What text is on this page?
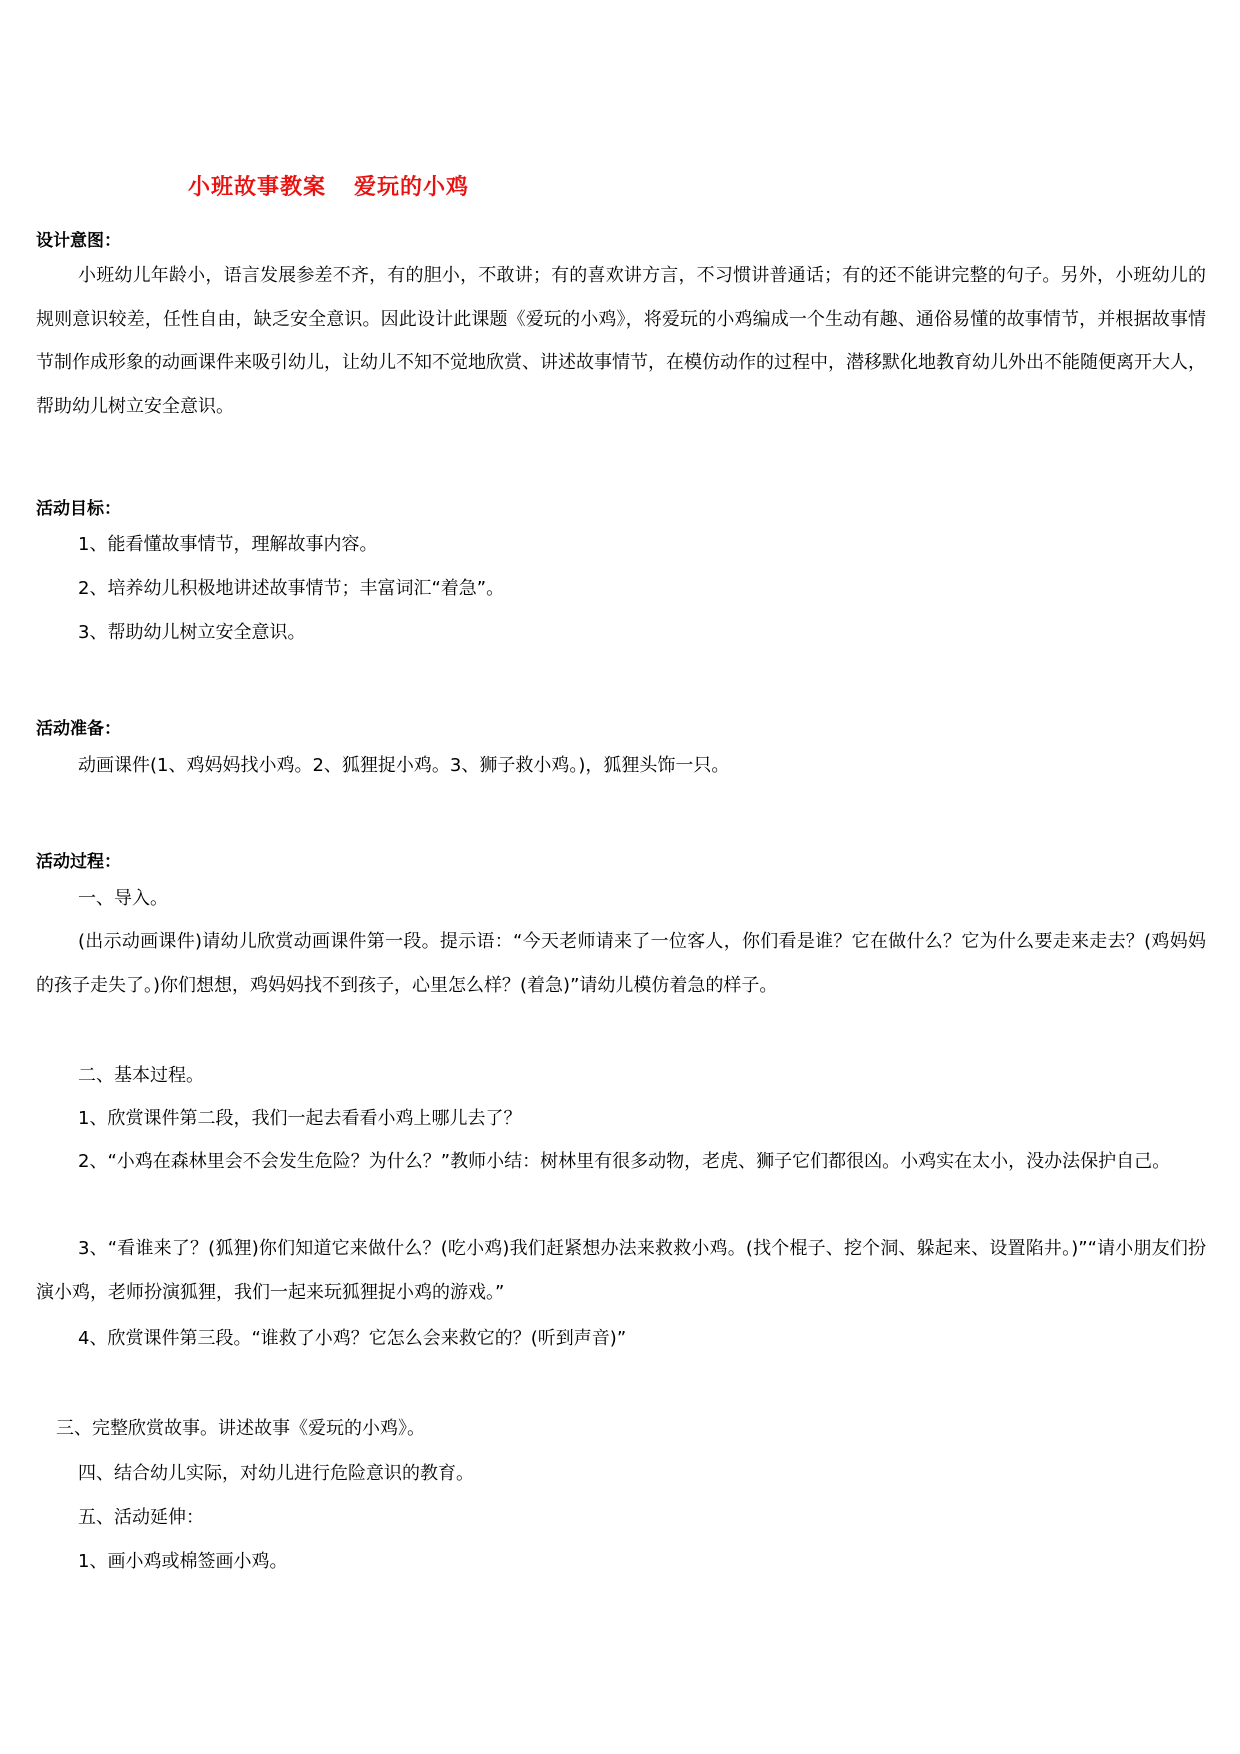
小班故事教案 爱玩的小鸡
设计意图：
小班幼儿年龄小，语言发展参差不齐，有的胆小，不敢讲；有的喜欢讲方言，不习惯讲普通话；有的还不能讲完整的句子。另外，小班幼儿的规则意识较差，任性自由，缺乏安全意识。因此设计此课题《爱玩的小鸡》，将爱玩的小鸡编成一个生动有趣、通俗易懂的故事情节，并根据故事情节制作成形象的动画课件来吸引幼儿，让幼儿不知不觉地欣赏、讲述故事情节，在模仿动作的过程中，潜移默化地教育幼儿外出不能随便离开大人，帮助幼儿树立安全意识。
活动目标：
1、能看懂故事情节，理解故事内容。
2、培养幼儿积极地讲述故事情节；丰富词汇“着急”。
3、帮助幼儿树立安全意识。
活动准备：
动画课件(1、鸡妈妈找小鸡。2、狐狸捉小鸡。3、狮子救小鸡。)，狐狸头饰一只。
活动过程：
一、导入。
(出示动画课件)请幼儿欣赏动画课件第一段。提示语：“今天老师请来了一位客人，你们看是谁？它在做什么？它为什么要走来走去？(鸡妈妈的孩子走失了。)你们想想，鸡妈妈找不到孩子，心里怎么样？(着急)”请幼儿模仿着急的样子。
二、基本过程。
1、欣赏课件第二段，我们一起去看看小鸡上哪儿去了？
2、“小鸡在森林里会不会发生危险？为什么？”教师小结：树林里有很多动物，老虎、狮子它们都很凶。小鸡实在太小，没办法保护自己。
3、“看谁来了？(狐狸)你们知道它来做什么？(吃小鸡)我们赶紧想办法来救救小鸡。(找个棍子、挖个洞、躲起来、设置陷井。)”“请小朋友们扮演小鸡，老师扮演狐狸，我们一起来玩狐狸捉小鸡的游戏。”
4、欣赏课件第三段。“谁救了小鸡？它怎么会来救它的？(听到声音)”
三、完整欣赏故事。讲述故事《爱玩的小鸡》。
四、结合幼儿实际，对幼儿进行危险意识的教育。
五、活动延伸：
1、画小鸡或棉签画小鸡。
